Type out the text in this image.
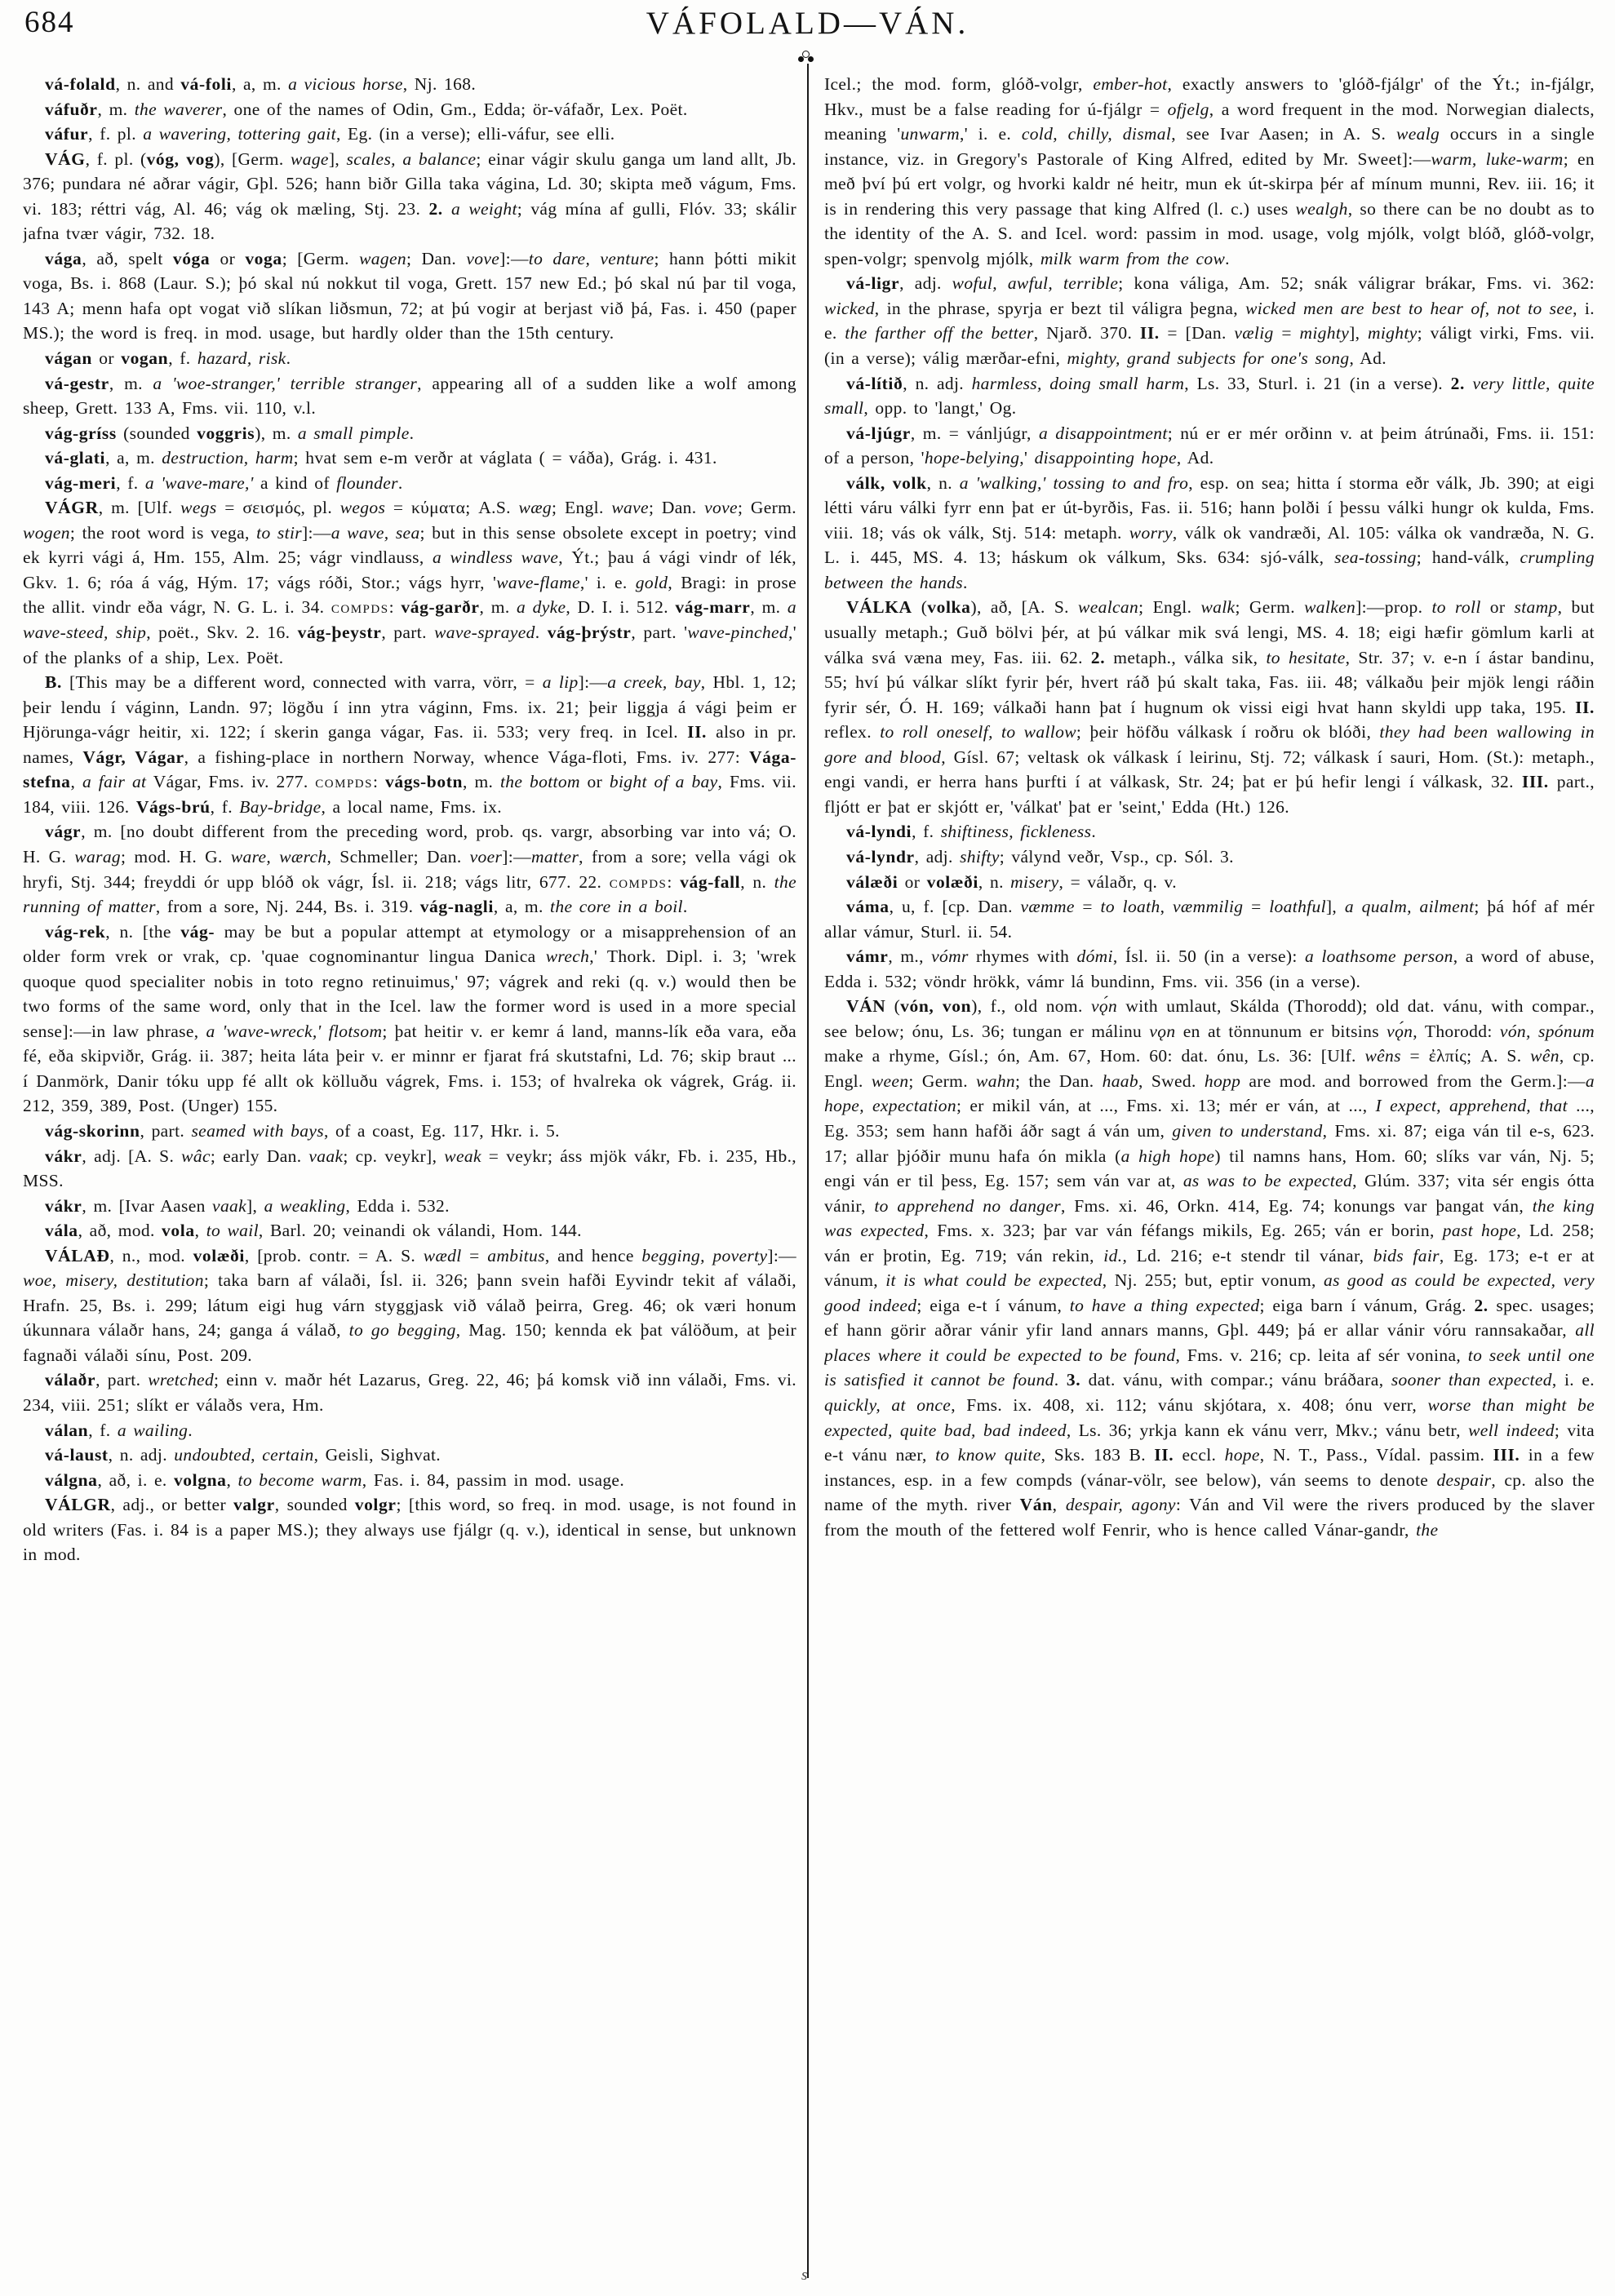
684	VÁFOLALD—VÁN.

vá-folald, n. and vá-foli, a, m. a vicious horse, Nj. 168.

váfuðr, m. the waverer, one of the names of Odin, Gm., Edda; ör-váfaðr, Lex. Poët.

váfur, f. pl. a wavering, tottering gait, Eg. (in a verse); elli-váfur, see elli.

VÁG, f. pl. (vóg, vog), [Germ. wage], scales, a balance; einar vágir skulu ganga um land allt, Jb. 376; pundara né aðrar vágir, Gþl. 526; hann biðr Gilla taka vágina, Ld. 30; skipta með vágum, Fms. vi. 183; réttri vág, Al. 46; vág ok mæling, Stj. 23. 2. a weight; vág mína af gulli, Flóv. 33; skálir jafna tvær vágir, 732. 18.

vága, að, spelt vóga or voga; [Germ. wagen; Dan. vove]:—to dare, venture; hann þótti mikit voga, Bs. i. 868 (Laur. S.); þó skal nú nokkut til voga, Grett. 157 new Ed.; þó skal nú þar til voga, 143 A; menn hafa opt vogat við slíkan liðsmun, 72; at þú vogir at berjast við þá, Fas. i. 450 (paper MS.); the word is freq. in mod. usage, but hardly older than the 15th century.

vágan or vogan, f. hazard, risk.

vá-gestr, m. a 'woe-stranger,' terrible stranger, appearing all of a sudden like a wolf among sheep, Grett. 133 A, Fms. vii. 110, v.l.

vág-gríss (sounded voggris), m. a small pimple.

vá-glati, a, m. destruction, harm; hvat sem e-m verðr at váglata ( = váða), Grág. i. 431.

vág-meri, f. a 'wave-mare,' a kind of flounder.

VÁGR, m. [Ulf. wegs = σεισμός, pl. wegos = κύματα; A.S. wæg; Engl. wave; Dan. vove; Germ. wogen; the root word is vega, to stir]:—a wave, sea; but in this sense obsolete except in poetry; vind ek kyrri vági á, Hm. 155, Alm. 25; vágr vindlauss, a windless wave, Ýt.; þau á vági vindr of lék, Gkv. 1. 6; róa á vág, Hým. 17; vágs róði, Stor.; vágs hyrr, 'wave-flame,' i. e. gold, Bragi: in prose the allit. vindr eða vágr, N. G. L. i. 34. compds: vág-garðr, m. a dyke, D. I. i. 512. vág-marr, m. a wave-steed, ship, poët., Skv. 2. 16. vág-þeystr, part. wave-sprayed. vág-þrýstr, part. 'wave-pinched,' of the planks of a ship, Lex. Poët.

B. [This may be a different word, connected with varra, vörr, = a lip]:—a creek, bay, Hbl. 1, 12; þeir lendu í váginn, Landn. 97; lögðu í inn ytra váginn, Fms. ix. 21; þeir liggja á vági þeim er Hjörunga-vágr heitir, xi. 122; í skerin ganga vágar, Fas. ii. 533; very freq. in Icel. II. also in pr. names, Vágr, Vágar, a fishing-place in northern Norway, whence Vága-floti, Fms. iv. 277: Vága-stefna, a fair at Vágar, Fms. iv. 277. compds: vágs-botn, m. the bottom or bight of a bay, Fms. vii. 184, viii. 126. Vágs-brú, f. Bay-bridge, a local name, Fms. ix.

vágr, m. [no doubt different from the preceding word, prob. qs. vargr, absorbing var into vá; O. H. G. warag; mod. H. G. ware, wærch, Schmeller; Dan. voer]:—matter, from a sore; vella vági ok hryfi, Stj. 344; freyddi ór upp blóð ok vágr, Ísl. ii. 218; vágs litr, 677. 22. compds: vág-fall, n. the running of matter, from a sore, Nj. 244, Bs. i. 319. vág-nagli, a, m. the core in a boil.

vág-rek, n. [the vág- may be but a popular attempt at etymology or a misapprehension of an older form vrek or vrak, cp. 'quae cognominantur lingua Danica wrech,' Thork. Dipl. i. 3; 'wrek quoque quod specialiter nobis in toto regno retinuimus,' 97; vágrek and reki (q. v.) would then be two forms of the same word, only that in the Icel. law the former word is used in a more special sense]:—in law phrase, a 'wave-wreck,' flotsom; þat heitir v. er kemr á land, manns-lík eða vara, eða fé, eða skipviðr, Grág. ii. 387; heita láta þeir v. er minnr er fjarat frá skutstafni, Ld. 76; skip braut ... í Danmörk, Danir tóku upp fé allt ok kölluðu vágrek, Fms. i. 153; of hvalreka ok vágrek, Grág. ii. 212, 359, 389, Post. (Unger) 155.

vág-skorinn, part. seamed with bays, of a coast, Eg. 117, Hkr. i. 5.

vákr, adj. [A. S. wâc; early Dan. vaak; cp. veykr], weak = veykr; áss mjök vákr, Fb. i. 235, Hb., MSS.

vákr, m. [Ivar Aasen vaak], a weakling, Edda i. 532.

vála, að, mod. vola, to wail, Barl. 20; veinandi ok válandi, Hom. 144.

VÁLAÐ, n., mod. volæði, [prob. contr. = A. S. wædl = ambitus, and hence begging, poverty]:—woe, misery, destitution; taka barn af válaði, Ísl. ii. 326; þann svein hafði Eyvindr tekit af válaði, Hrafn. 25, Bs. i. 299; látum eigi hug várn styggjask við válað þeirra, Greg. 46; ok væri honum úkunnara válaðr hans, 24; ganga á válað, to go begging, Mag. 150; kennda ek þat válöðum, at þeir fagnaði válaði sínu, Post. 209.

válaðr, part. wretched; einn v. maðr hét Lazarus, Greg. 22, 46; þá komsk við inn válaði, Fms. vi. 234, viii. 251; slíkt er válaðs vera, Hm.

válan, f. a wailing.

vá-laust, n. adj. undoubted, certain, Geisli, Sighvat.

válgna, að, i. e. volgna, to become warm, Fas. i. 84, passim in mod. usage.

VÁLGR, adj., or better valgr, sounded volgr; [this word, so freq. in mod. usage, is not found in old writers (Fas. i. 84 is a paper MS.); they always use fjálgr (q. v.), identical in sense, but unknown in mod.

Icel.; the mod. form, glóð-volgr, ember-hot, exactly answers to 'glóð-fjálgr' of the Ýt.; in-fjálgr, Hkv., must be a false reading for ú-fjálgr = ofjelg, a word frequent in the mod. Norwegian dialects, meaning 'unwarm,' i. e. cold, chilly, dismal, see Ivar Aasen; in A. S. wealg occurs in a single instance, viz. in Gregory's Pastorale of King Alfred, edited by Mr. Sweet]:—warm, luke-warm; en með því þú ert volgr, og hvorki kaldr né heitr, mun ek út-skirpa þér af mínum munni, Rev. iii. 16; it is in rendering this very passage that king Alfred (l. c.) uses wealgh, so there can be no doubt as to the identity of the A. S. and Icel. word: passim in mod. usage, volg mjólk, volgt blóð, glóð-volgr, spen-volgr; spenvolg mjólk, milk warm from the cow.

vá-ligr, adj. woful, awful, terrible; kona váliga, Am. 52; snák váligrar brákar, Fms. vi. 362: wicked, in the phrase, spyrja er bezt til váligra þegna, wicked men are best to hear of, not to see, i. e. the farther off the better, Njarð. 370. II. = [Dan. vælig = mighty], mighty; váligt virki, Fms. vii. (in a verse); válig mærðar-efni, mighty, grand subjects for one's song, Ad.

vá-lítið, n. adj. harmless, doing small harm, Ls. 33, Sturl. i. 21 (in a verse). 2. very little, quite small, opp. to 'langt,' Og.

vá-ljúgr, m. = vánljúgr, a disappointment; nú er er mér orðinn v. at þeim átrúnaði, Fms. ii. 151: of a person, 'hope-belying,' disappointing hope, Ad.

válk, volk, n. a 'walking,' tossing to and fro, esp. on sea; hitta í storma eðr válk, Jb. 390; at eigi létti váru válki fyrr enn þat er út-byrðis, Fas. ii. 516; hann þolði í þessu válki hungr ok kulda, Fms. viii. 18; vás ok válk, Stj. 514: metaph. worry, válk ok vandræði, Al. 105: válka ok vandræða, N. G. L. i. 445, MS. 4. 13; háskum ok válkum, Sks. 634: sjó-válk, sea-tossing; hand-válk, crumpling between the hands.

VÁLKA (volka), að, [A. S. wealcan; Engl. walk; Germ. walken]:—prop. to roll or stamp, but usually metaph.; Guð bölvi þér, at þú válkar mik svá lengi, MS. 4. 18; eigi hæfir gömlum karli at válka svá væna mey, Fas. iii. 62. 2. metaph., válka sik, to hesitate, Str. 37; v. e-n í ástar bandinu, 55; hví þú válkar slíkt fyrir þér, hvert ráð þú skalt taka, Fas. iii. 48; válkaðu þeir mjök lengi ráðin fyrir sér, Ó. H. 169; válkaði hann þat í hugnum ok vissi eigi hvat hann skyldi upp taka, 195. II. reflex. to roll oneself, to wallow; þeir höfðu válkask í roðru ok blóði, they had been wallowing in gore and blood, Gísl. 67; veltask ok válkask í leirinu, Stj. 72; válkask í sauri, Hom. (St.): metaph., engi vandi, er herra hans þurfti í at válkask, Str. 24; þat er þú hefir lengi í válkask, 32. III. part., fljótt er þat er skjótt er, 'válkat' þat er 'seint,' Edda (Ht.) 126.

vá-lyndi, f. shiftiness, fickleness.

vá-lyndr, adj. shifty; válynd veðr, Vsp., cp. Sól. 3.

válæði or volæði, n. misery, = válaðr, q. v.

váma, u, f. [cp. Dan. væmme = to loath, væmmilig = loathful], a qualm, ailment; þá hóf af mér allar vámur, Sturl. ii. 54.

vámr, m., vómr rhymes with dómi, Ísl. ii. 50 (in a verse): a loathsome person, a word of abuse, Edda i. 532; vöndr hrökk, vámr lá bundinn, Fms. vii. 356 (in a verse).

VÁN (vón, von), f., old nom. vǫ́n with umlaut, Skálda (Thorodd); old dat. vánu, with compar., see below; ónu, Ls. 36; tungan er málinu vǫn en at tönnunum er bitsins vǫ́n, Thorodd: vón, spónum make a rhyme, Gísl.; ón, Am. 67, Hom. 60: dat. ónu, Ls. 36: [Ulf. wêns = ἐλπίς; A. S. wên, cp. Engl. ween; Germ. wahn; the Dan. haab, Swed. hopp are mod. and borrowed from the Germ.]:—a hope, expectation; er mikil ván, at ..., Fms. xi. 13; mér er ván, at ..., I expect, apprehend, that ..., Eg. 353; sem hann hafði áðr sagt á ván um, given to understand, Fms. xi. 87; eiga ván til e-s, 623. 17; allar þjóðir munu hafa ón mikla (a high hope) til namns hans, Hom. 60; slíks var ván, Nj. 5; engi ván er til þess, Eg. 157; sem ván var at, as was to be expected, Glúm. 337; vita sér engis ótta vánir, to apprehend no danger, Fms. xi. 46, Orkn. 414, Eg. 74; konungs var þangat ván, the king was expected, Fms. x. 323; þar var ván féfangs mikils, Eg. 265; ván er borin, past hope, Ld. 258; ván er þrotin, Eg. 719; ván rekin, id., Ld. 216; e-t stendr til vánar, bids fair, Eg. 173; e-t er at vánum, it is what could be expected, Nj. 255; but, eptir vonum, as good as could be expected, very good indeed; eiga e-t í vánum, to have a thing expected; eiga barn í vánum, Grág. 2. spec. usages; ef hann görir aðrar vánir yfir land annars manns, Gþl. 449; þá er allar vánir vóru rannsakaðar, all places where it could be expected to be found, Fms. v. 216; cp. leita af sér vonina, to seek until one is satisfied it cannot be found. 3. dat. vánu, with compar.; vánu bráðara, sooner than expected, i. e. quickly, at once, Fms. ix. 408, xi. 112; vánu skjótara, x. 408; ónu verr, worse than might be expected, quite bad, bad indeed, Ls. 36; yrkja kann ek vánu verr, Mkv.; vánu betr, well indeed; vita e-t vánu nær, to know quite, Sks. 183 B. II. eccl. hope, N. T., Pass., Vídal. passim. III. in a few instances, esp. in a few compds (vánar-völr, see below), ván seems to denote despair, cp. also the name of the myth. river Ván, despair, agony: Ván and Vil were the rivers produced by the slaver from the mouth of the fettered wolf Fenrir, who is hence called Vánar-gandr, the

s
